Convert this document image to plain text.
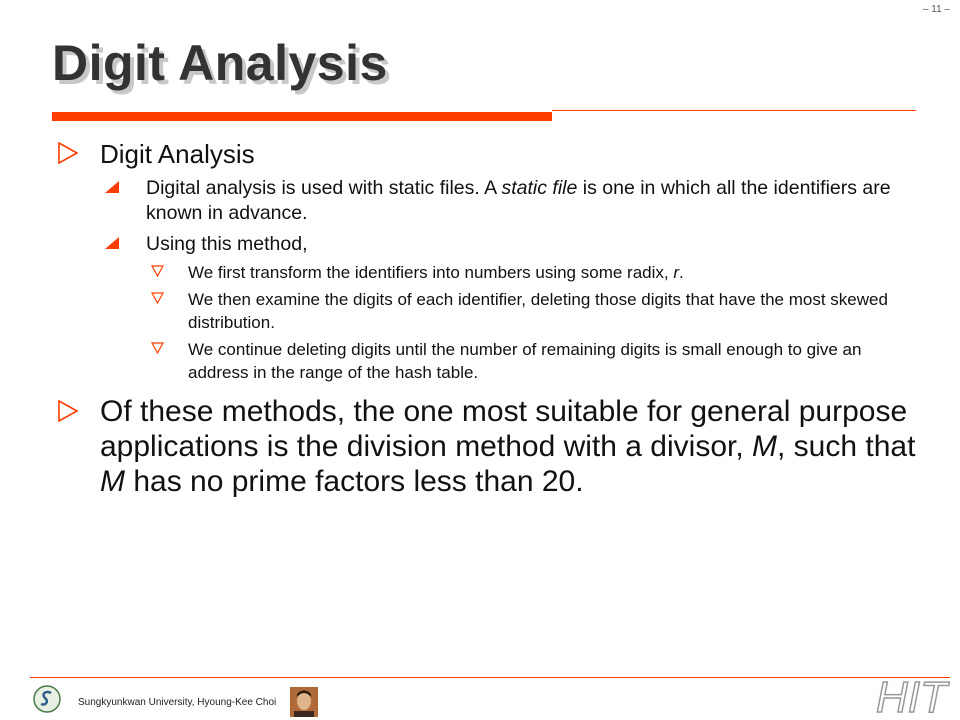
– 11 –
Digit Analysis
Digit Analysis
Digital analysis is used with static files. A static file is one in which all the identifiers are known in advance.
Using this method,
We first transform the identifiers into numbers using some radix, r.
We then examine the digits of each identifier, deleting those digits that have the most skewed distribution.
We continue deleting digits until the number of remaining digits is small enough to give an address in the range of the hash table.
Of these methods, the one most suitable for general purpose applications is the division method with a divisor, M, such that M has no prime factors less than 20.
Sungkyunkwan University, Hyoung-Kee Choi	HIT
